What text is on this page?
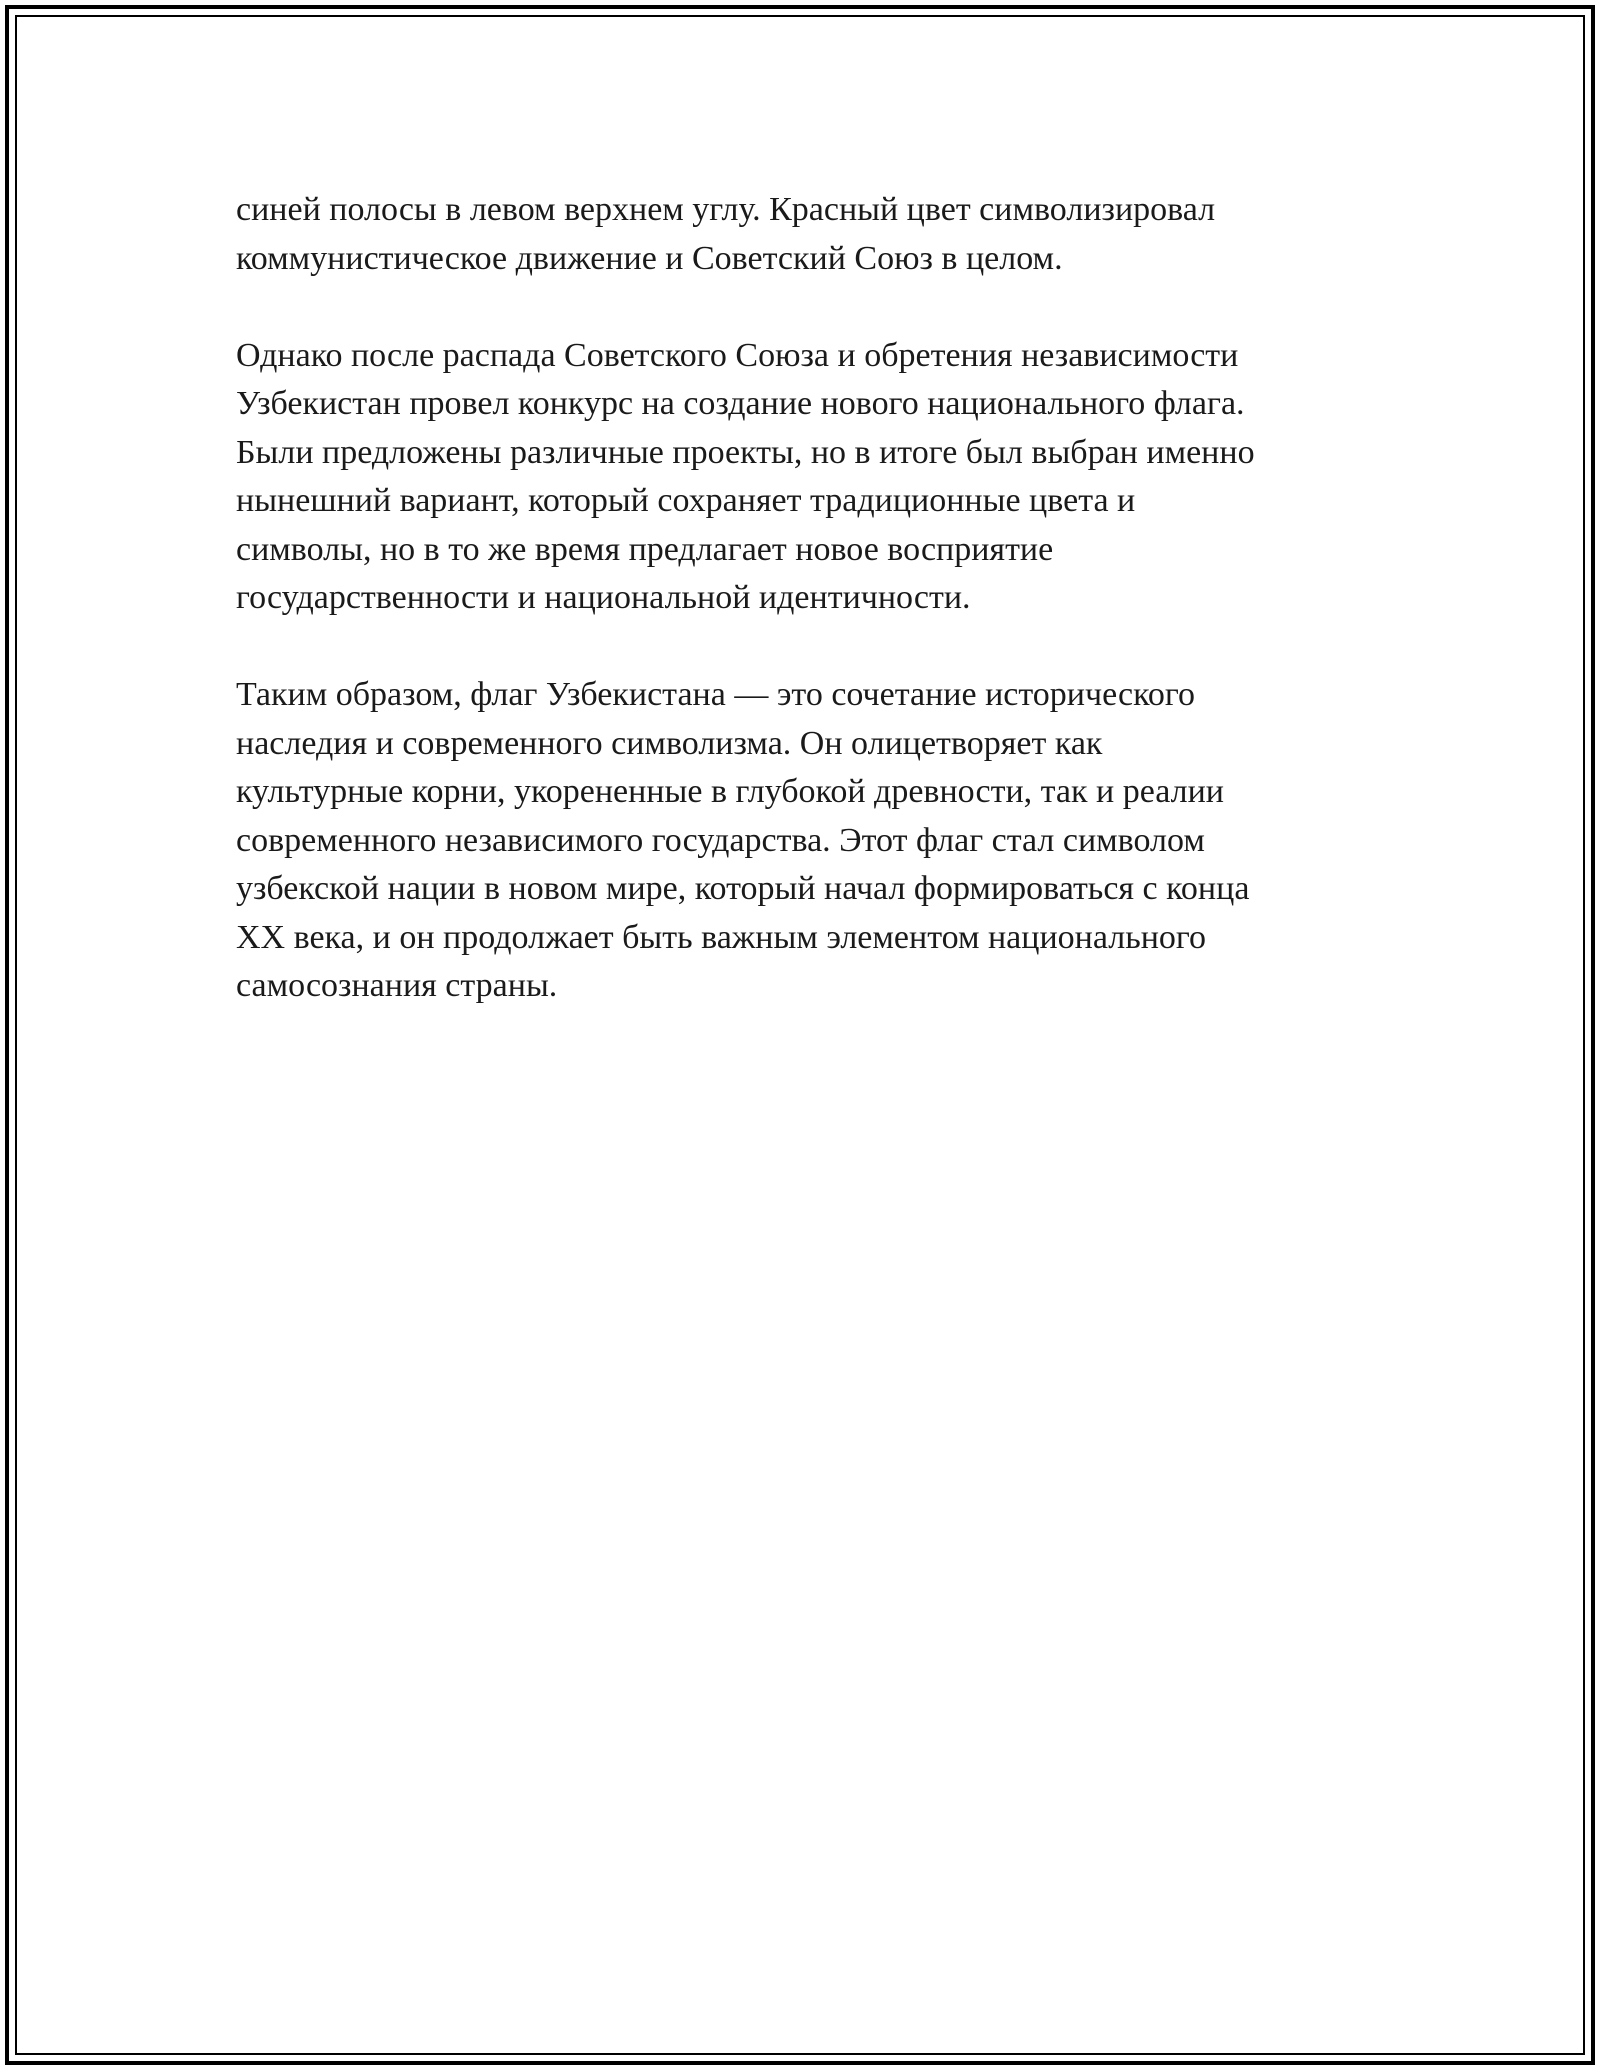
синей полосы в левом верхнем углу. Красный цвет символизировал
коммунистическое движение и Советский Союз в целом.
Однако после распада Советского Союза и обретения независимости
Узбекистан провел конкурс на создание нового национального флага.
Были предложены различные проекты, но в итоге был выбран именно
нынешний вариант, который сохраняет традиционные цвета и
символы, но в то же время предлагает новое восприятие
государственности и национальной идентичности.
Таким образом, флаг Узбекистана — это сочетание исторического
наследия и современного символизма. Он олицетворяет как
культурные корни, укорененные в глубокой древности, так и реалии
современного независимого государства. Этот флаг стал символом
узбекской нации в новом мире, который начал формироваться с конца
XX века, и он продолжает быть важным элементом национального
самосознания страны.
